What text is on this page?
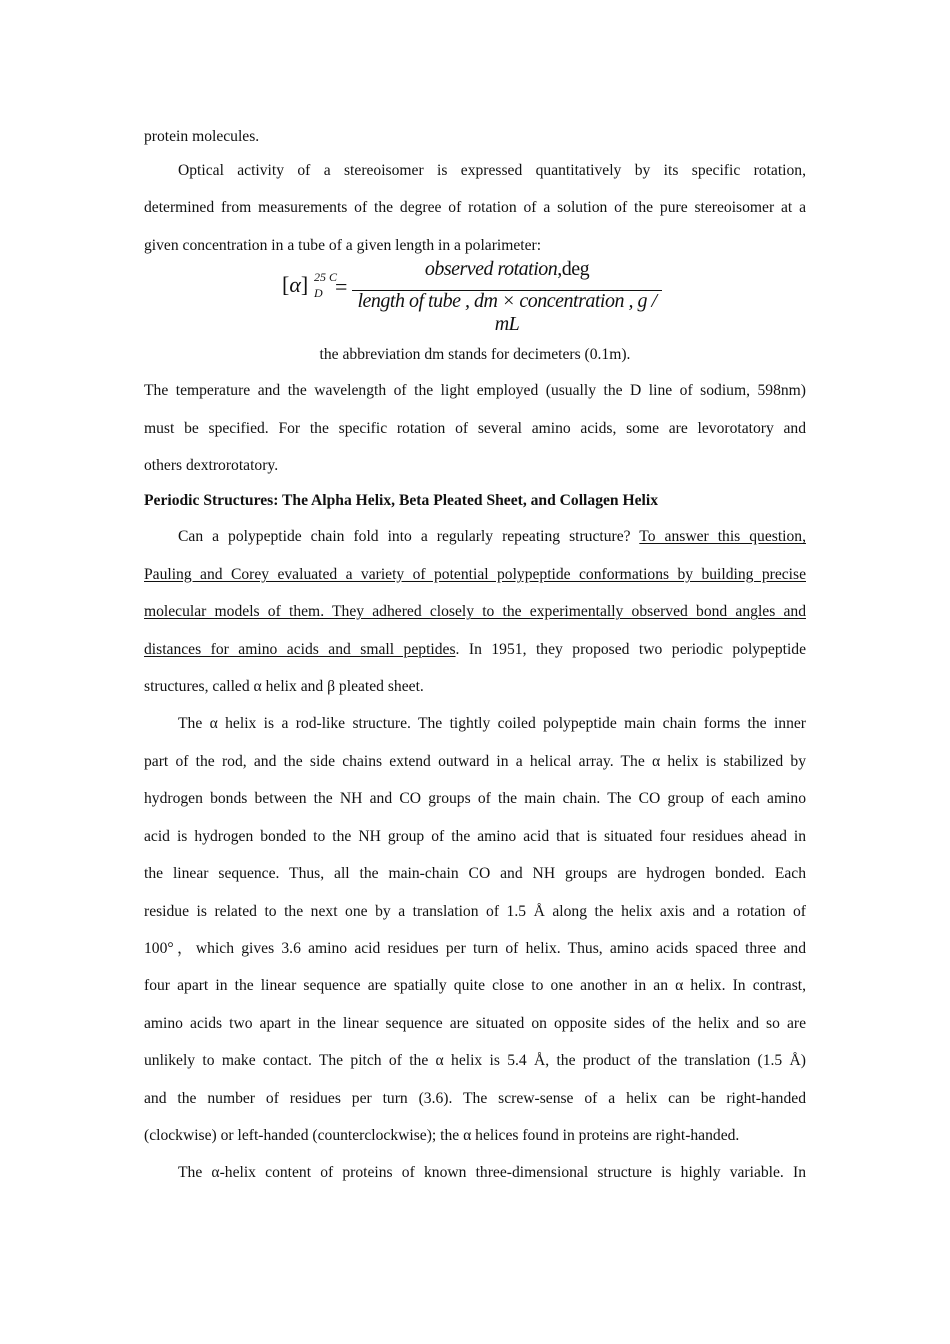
protein molecules.

Optical activity of a stereoisomer is expressed quantitatively by its specific rotation,

determined from measurements of the degree of rotation of a solution of the pure stereoisomer at a

given concentration in a tube of a given length in a polarimeter:

[α] 25 C
D =
observed rotation,deg
length of tube , dm × concentration , g / mL
the abbreviation dm stands for decimeters (0.1m).

The temperature and the wavelength of the light employed (usually the D line of sodium, 598nm)

must be specified. For the specific rotation of several amino acids, some are levorotatory and

others dextrorotatory.

Periodic Structures: The Alpha Helix, Beta Pleated Sheet, and Collagen Helix

Can a polypeptide chain fold into a regularly repeating structure? To answer this question,

Pauling and Corey evaluated a variety of potential polypeptide conformations by building precise

molecular models of them. They adhered closely to the experimentally observed bond angles and

distances for amino acids and small peptides. In 1951, they proposed two periodic polypeptide

structures, called α helix and β pleated sheet.

The α helix is a rod-like structure. The tightly coiled polypeptide main chain forms the inner

part of the rod, and the side chains extend outward in a helical array. The α helix is stabilized by

hydrogen bonds between the NH and CO groups of the main chain. The CO group of each amino

acid is hydrogen bonded to the NH group of the amino acid that is situated four residues ahead in

the linear sequence. Thus, all the main-chain CO and NH groups are hydrogen bonded. Each

residue is related to the next one by a translation of 1.5 Å along the helix axis and a rotation of

100°，which gives 3.6 amino acid residues per turn of helix. Thus, amino acids spaced three and

four apart in the linear sequence are spatially quite close to one another in an α helix. In contrast,

amino acids two apart in the linear sequence are situated on opposite sides of the helix and so are

unlikely to make contact. The pitch of the α helix is 5.4 Å, the product of the translation (1.5 Å)

and the number of residues per turn (3.6). The screw-sense of a helix can be right-handed

(clockwise) or left-handed (counterclockwise); the α helices found in proteins are right-handed.

The α-helix content of proteins of known three-dimensional structure is highly variable. In
